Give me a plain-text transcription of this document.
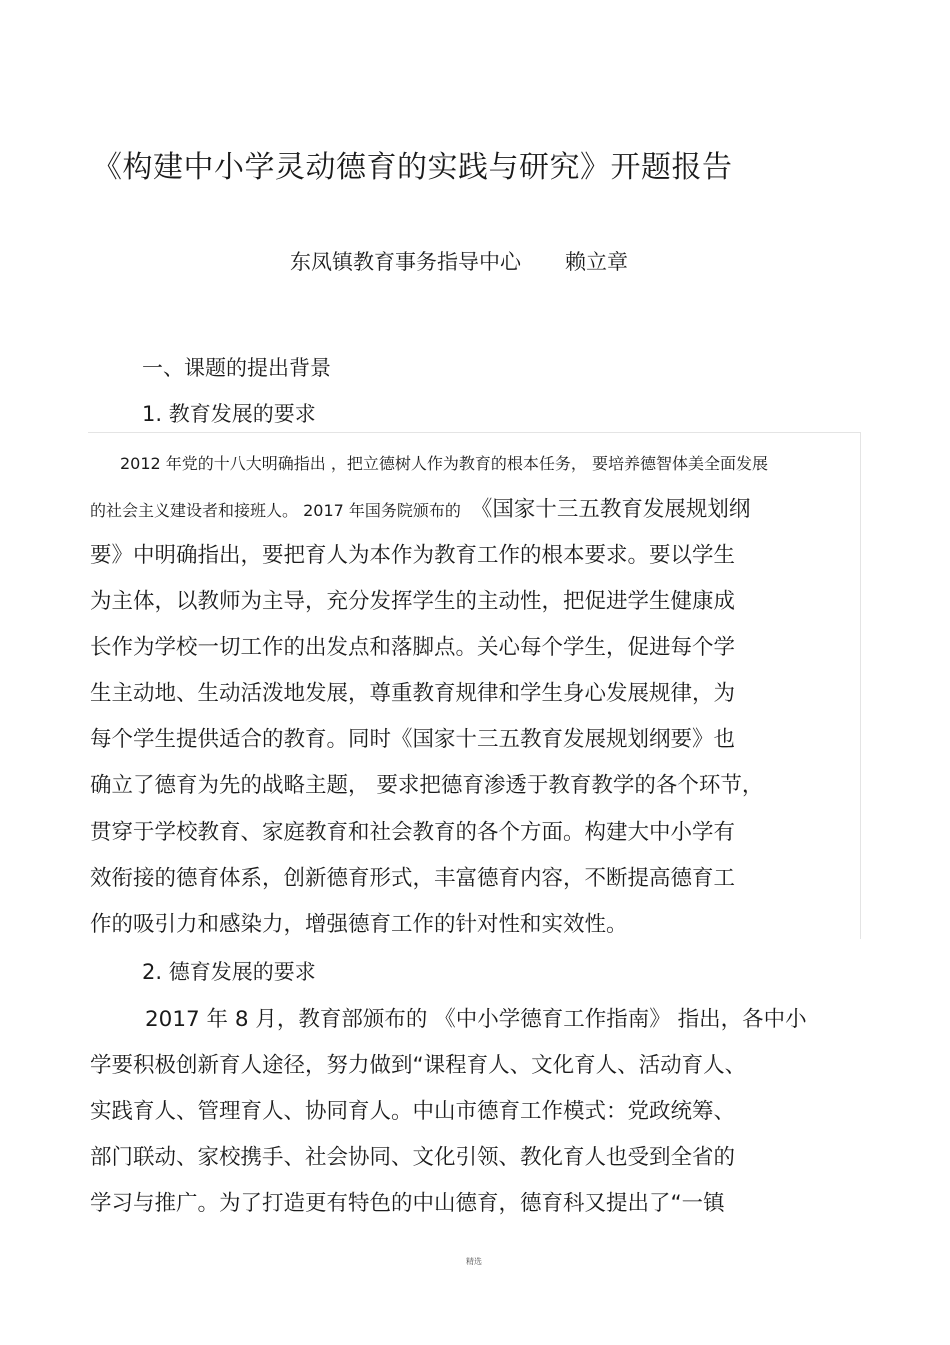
《构建中小学灵动德育的实践与研究》开题报告
东凤镇教育事务指导中心 赖立章
一、课题的提出背景
1. 教育发展的要求
2012 年党的十八大明确指出 ，把立德树人作为教育的根本任务， 要培养德智体美全面发展
的社会主义建设者和接班人。 2017 年国务院颁布的 《国家十三五教育发展规划纲
要》中明确指出，要把育人为本作为教育工作的根本要求。要以学生
为主体，以教师为主导，充分发挥学生的主动性，把促进学生健康成
长作为学校一切工作的出发点和落脚点。关心每个学生，促进每个学
生主动地、生动活泼地发展，尊重教育规律和学生身心发展规律，为
每个学生提供适合的教育。同时《国家十三五教育发展规划纲要》也
确立了德育为先的战略主题， 要求把德育渗透于教育教学的各个环节，
贯穿于学校教育、家庭教育和社会教育的各个方面。构建大中小学有
效衔接的德育体系，创新德育形式，丰富德育内容，不断提高德育工
作的吸引力和感染力，增强德育工作的针对性和实效性。
2. 德育发展的要求
2017 年 8 月，教育部颁布的 《中小学德育工作指南》 指出，各中小
学要积极创新育人途径，努力做到“课程育人、文化育人、活动育人、
实践育人、管理育人、协同育人。中山市德育工作模式：党政统筹、
部门联动、家校携手、社会协同、文化引领、教化育人也受到全省的
学习与推广。为了打造更有特色的中山德育，德育科又提出了“一镇
精选
